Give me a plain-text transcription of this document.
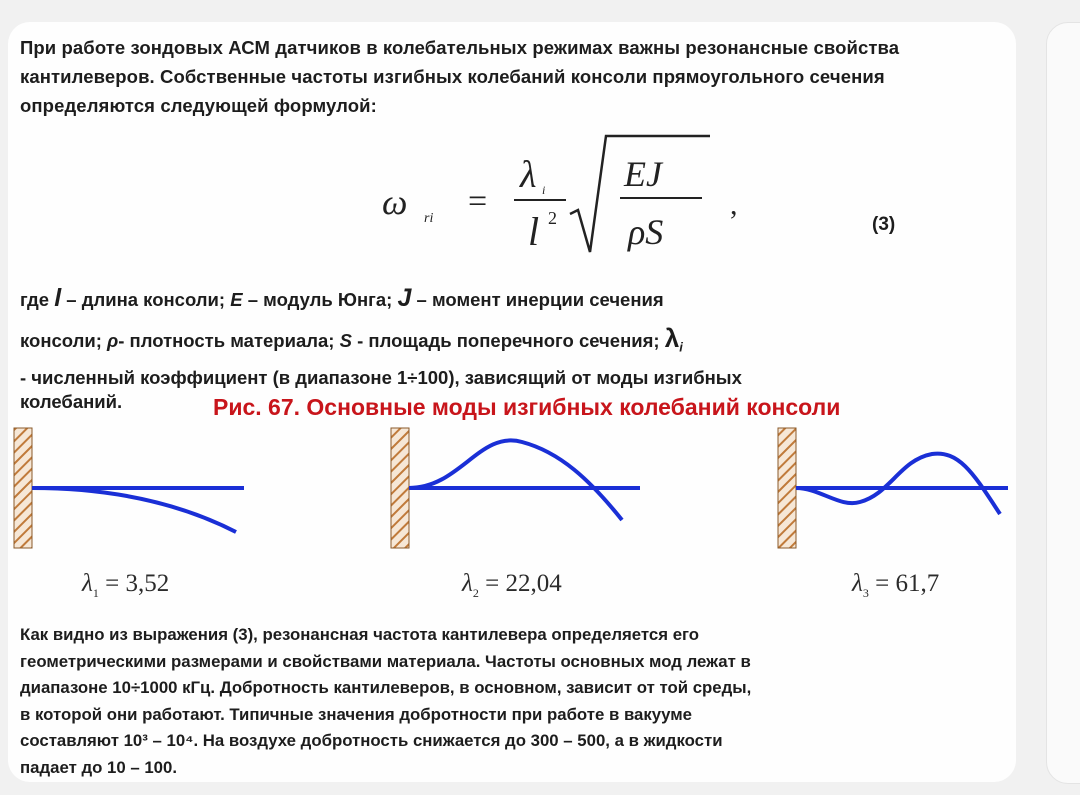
При работе зондовых АСМ датчиков в колебательных режимах важны резонансные свойства кантилеверов. Собственные частоты изгибных колебаний консоли прямоугольного сечения определяются следующей формулой:
ω ri =
λ i
l 2
EJ
ρS
,
(3)
где l – длина консоли; E – модуль Юнга; J – момент инерции сечения
консоли; ρ- плотность материала; S - площадь поперечного сечения; $\lambda_i$
- численный коэффициент (в диапазоне 1÷100), зависящий от моды изгибных
колебаний.	Рис. 67. Основные моды изгибных колебаний консоли
$\lambda_1 = 3,52$	$\lambda_2 = 22,04$	$\lambda_3 = 61,7$
Как видно из выражения (3), резонансная частота кантилевера определяется его
геометрическими размерами и свойствами материала. Частоты основных мод лежат в
диапазоне 10÷1000 кГц. Добротность кантилеверов, в основном, зависит от той среды,
в которой они работают. Типичные значения добротности при работе в вакууме
составляют 10³ – 10⁴. На воздухе добротность снижается до 300 – 500, а в жидкости
падает до 10 – 100.
